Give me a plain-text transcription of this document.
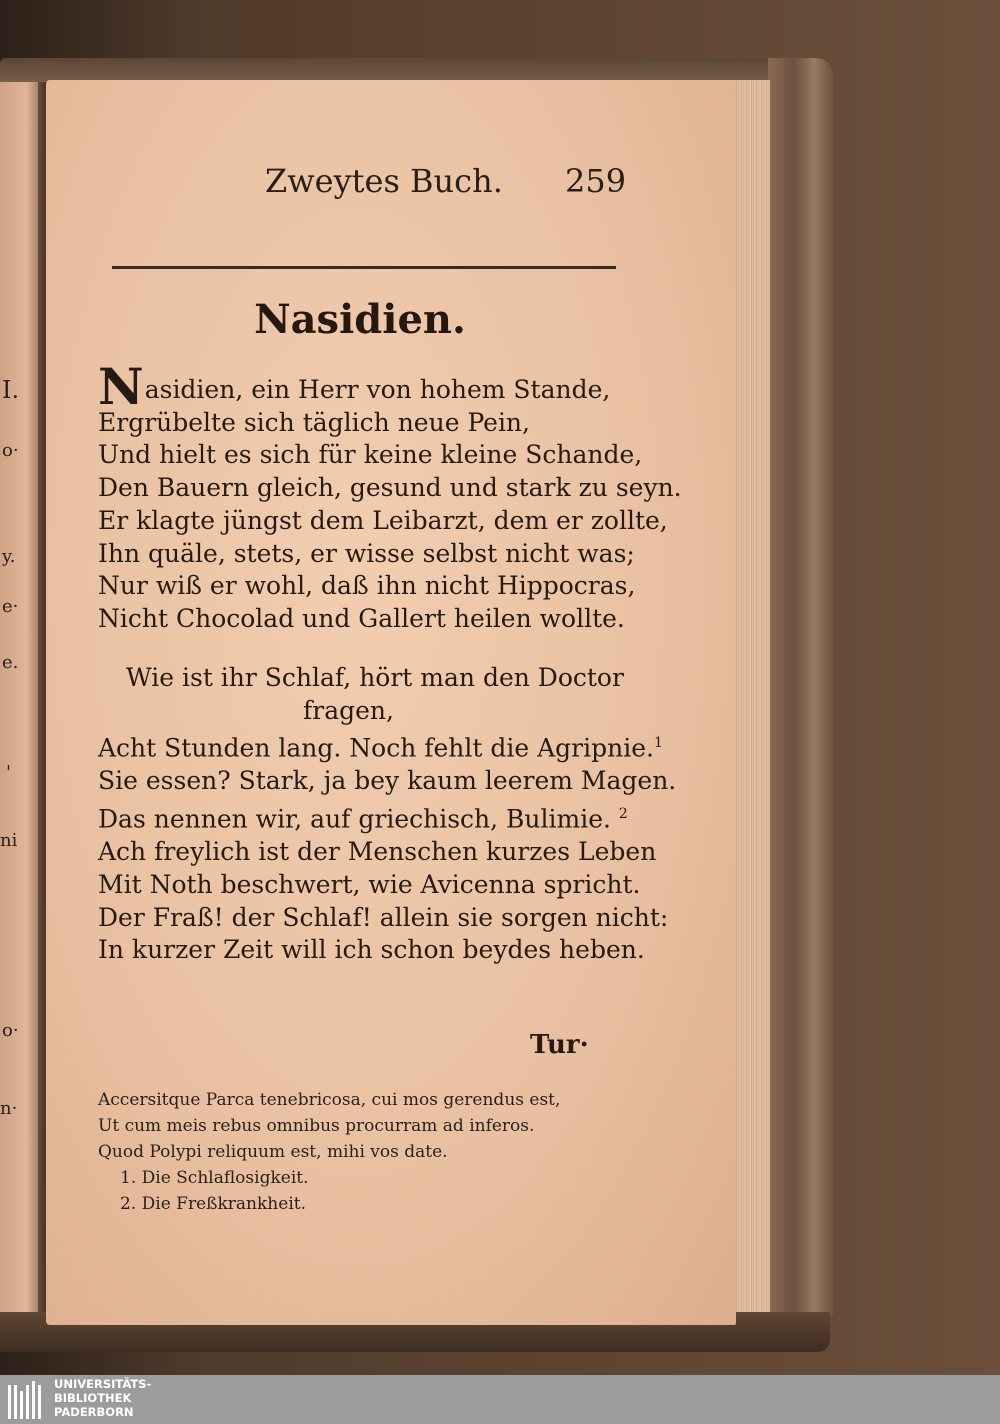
I.
o·
y.
e·
e.
'
ni
o·
n·
Zweytes Buch. 259
Nasidien.
Nasidien, ein Herr von hohem Stande,
Ergrübelte sich täglich neue Pein,
Und hielt es sich für keine kleine Schande,
Den Bauern gleich, gesund und stark zu seyn.
Er klagte jüngst dem Leibarzt, dem er zollte,
Ihn quäle, stets, er wisse selbst nicht was;
Nur wiß er wohl, daß ihn nicht Hippocras,
Nicht Chocolad und Gallert heilen wollte.
Wie ist ihr Schlaf, hört man den Doctor
fragen,
Acht Stunden lang. Noch fehlt die Agripnie.$^1$
Sie essen? Stark, ja bey kaum leerem Magen.
Das nennen wir, auf griechisch, Bulimie. $^2$
Ach freylich ist der Menschen kurzes Leben
Mit Noth beschwert, wie Avicenna spricht.
Der Fraß! der Schlaf! allein sie sorgen nicht:
In kurzer Zeit will ich schon beydes heben.
Tur·
Accersitque Parca tenebricosa, cui mos gerendus est,
Ut cum meis rebus omnibus procurram ad inferos.
Quod Polypi reliquum est, mihi vos date.
1. Die Schlaflosigkeit.
2. Die Freßkrankheit.
UNIVERSITÄTS-
BIBLIOTHEK
PADERBORN
